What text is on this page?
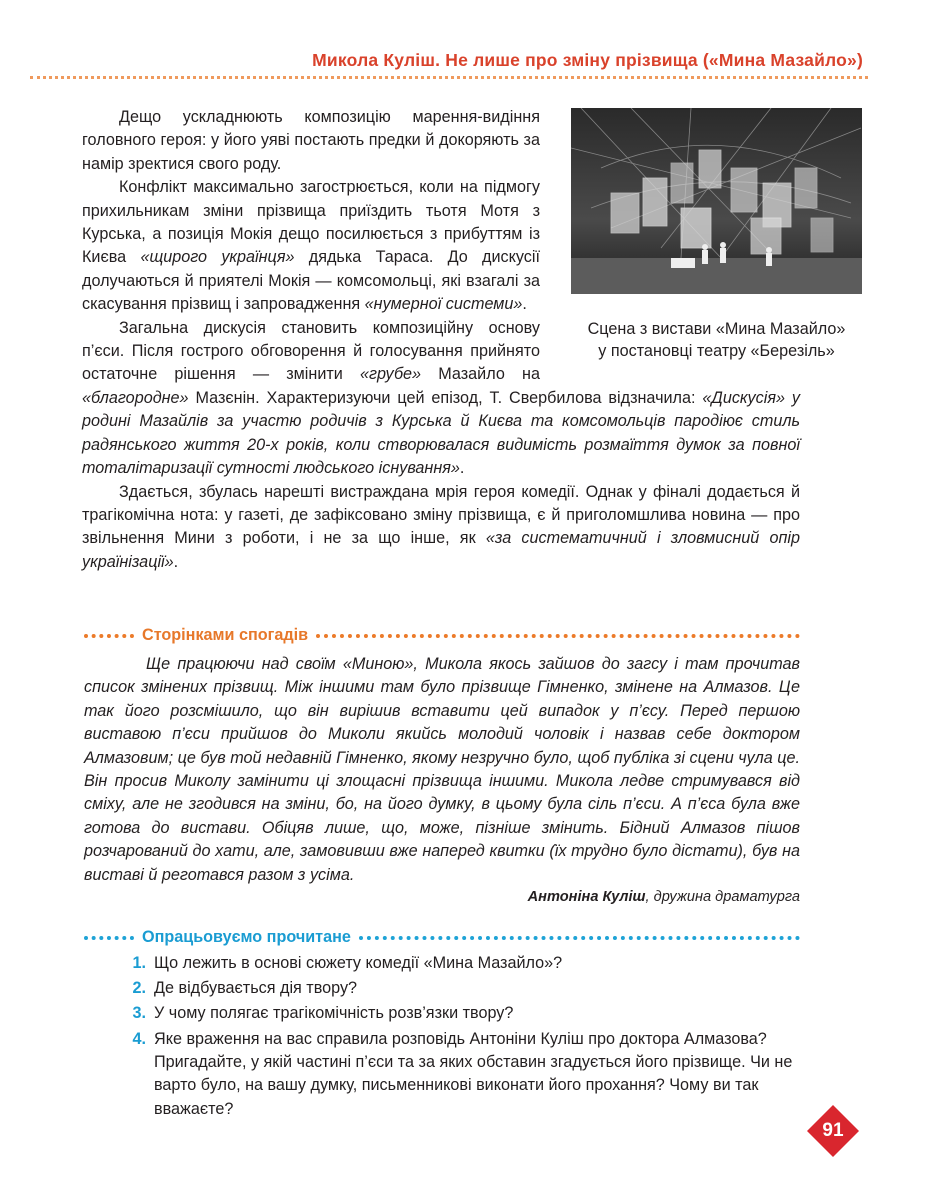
Микола Куліш. Не лише про зміну прізвища («Мина Мазайло»)

Сцена з вистави «Мина Мазайло»
у постановці театру «Березіль»

Дещо ускладнюють композицію марення-видіння головного героя: у його уяві постають предки й докоряють за намір зректися свого роду.

Конфлікт максимально загострюється, коли на підмогу прихильникам зміни прізвища приїздить тьотя Мотя з Курська, а позиція Мокія дещо посилюється з прибуттям із Києва «щирого українця» дядька Тараса. До дискусії долучаються й приятелі Мокія — комсомольці, які взагалі за скасування прізвищ і запровадження «нумерної системи».

Загальна дискусія становить композиційну основу п’єси. Після гострого обговорення й голосування прийнято остаточне рішення — змінити «грубе» Мазайло на «благородне» Мазєнін. Характеризуючи цей епізод, Т. Свербилова відзначила: «Дискусія» у родині Мазайлів за участю родичів з Курська й Києва та комсомольців пародіює стиль радянського життя 20-х років, коли створювалася видимість розмаїття думок за повної тоталітаризації сутності людського існування».

Здається, збулась нарешті вистраждана мрія героя комедії. Однак у фіналі додається й трагікомічна нота: у газеті, де зафіксовано зміну прізвища, є й приголомшлива новина — про звільнення Мини з роботи, і не за що інше, як «за систематичний і зловмисний опір українізації».

Сторінками спогадів

Ще працюючи над своїм «Миною», Микола якось зайшов до загсу і там прочитав список змінених прізвищ. Між іншими там було прізвище Гімненко, змінене на Алмазов. Це так його розсмішило, що він вирішив вставити цей випадок у п’єсу. Перед першою виставою п’єси прийшов до Миколи якийсь молодий чоловік і назвав себе доктором Алмазовим; це був той недавній Гімненко, якому незручно було, щоб публіка зі сцени чула це. Він просив Миколу замінити ці злощасні прізвища іншими. Микола ледве стримувався від сміху, але не згодився на зміни, бо, на його думку, в цьому була сіль п’єси. А п’єса була вже готова до вистави. Обіцяв лише, що, може, пізніше змінить. Бідний Алмазов пішов розчарований до хати, але, замовивши вже наперед квитки (їх трудно було дістати), був на виставі й реготався разом з усіма.

Антоніна Куліш, дружина драматурга

Опрацьовуємо прочитане
1. Що лежить в основі сюжету комедії «Мина Мазайло»?
2. Де відбувається дія твору?
3. У чому полягає трагікомічність розв’язки твору?
4. Яке враження на вас справила розповідь Антоніни Куліш про доктора Алмазова? Пригадайте, у якій частині п’єси та за яких обставин згадується його прізвище. Чи не варто було, на вашу думку, письменникові виконати його прохання? Чому ви так вважаєте?
91
